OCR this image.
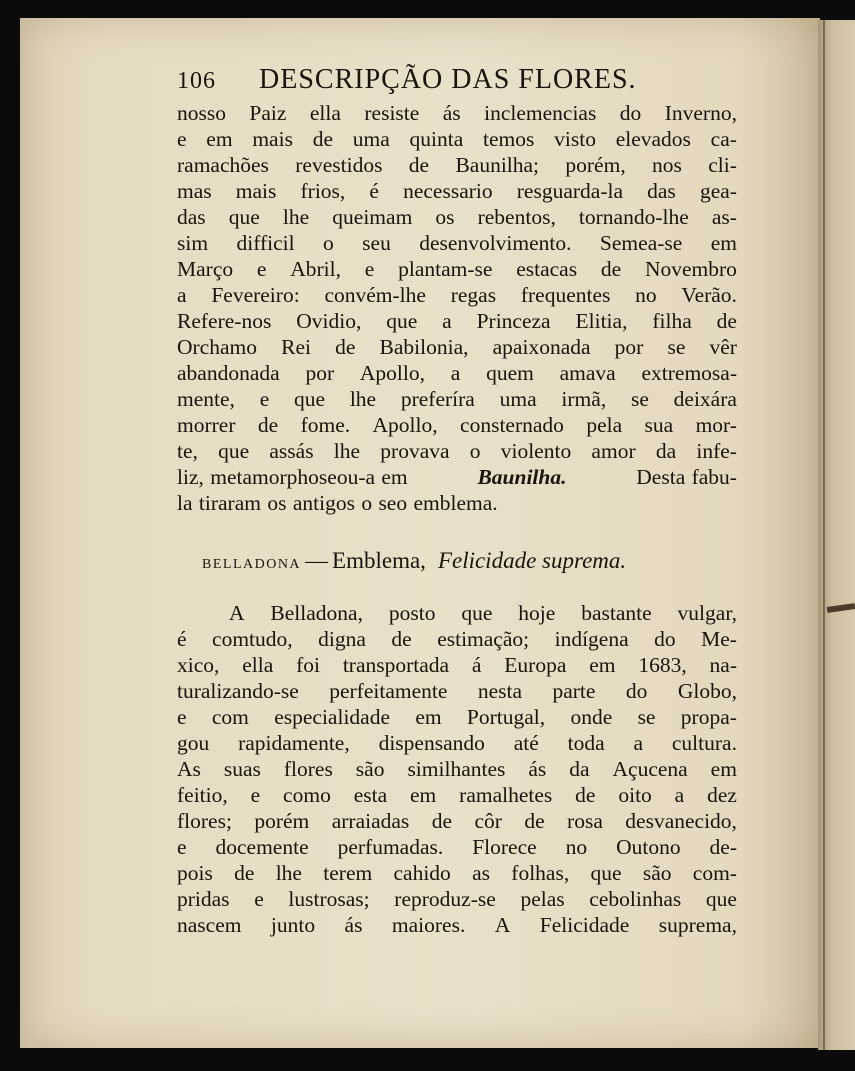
106 DESCRIPÇÃO DAS FLORES.
nosso Paiz ella resiste ás inclemencias do Inverno,
e em mais de uma quinta temos visto elevados ca-
ramachões revestidos de Baunilha; porém, nos cli-
mas mais frios, é necessario resguarda-la das gea-
das que lhe queimam os rebentos, tornando-lhe as-
sim difficil o seu desenvolvimento. Semea-se em
Março e Abril, e plantam-se estacas de Novembro
a Fevereiro: convém-lhe regas frequentes no Verão.
Refere-nos Ovidio, que a Princeza Elitia, filha de
Orchamo Rei de Babilonia, apaixonada por se vêr
abandonada por Apollo, a quem amava extremosa-
mente, e que lhe preferíra uma irmã, se deixára
morrer de fome. Apollo, consternado pela sua mor-
te, que assás lhe provava o violento amor da infe-
liz, metamorphoseou-a em
	Baunilha.
	Desta fabu-
la tiraram os antigos o seo emblema.
BELLADONA — Emblema, Felicidade suprema.
A Belladona, posto que hoje bastante vulgar,
é comtudo, digna de estimação; indígena do Me-
xico, ella foi transportada á Europa em 1683, na-
turalizando-se perfeitamente nesta parte do Globo,
e com especialidade em Portugal, onde se propa-
gou rapidamente, dispensando até toda a cultura.
As suas flores são similhantes ás da Açucena em
feitio, e como esta em ramalhetes de oito a dez
flores; porém arraiadas de côr de rosa desvanecido,
e docemente perfumadas. Florece no Outono de-
pois de lhe terem cahido as folhas, que são com-
pridas e lustrosas; reproduz-se pelas cebolinhas que
nascem junto ás maiores. A Felicidade suprema,
